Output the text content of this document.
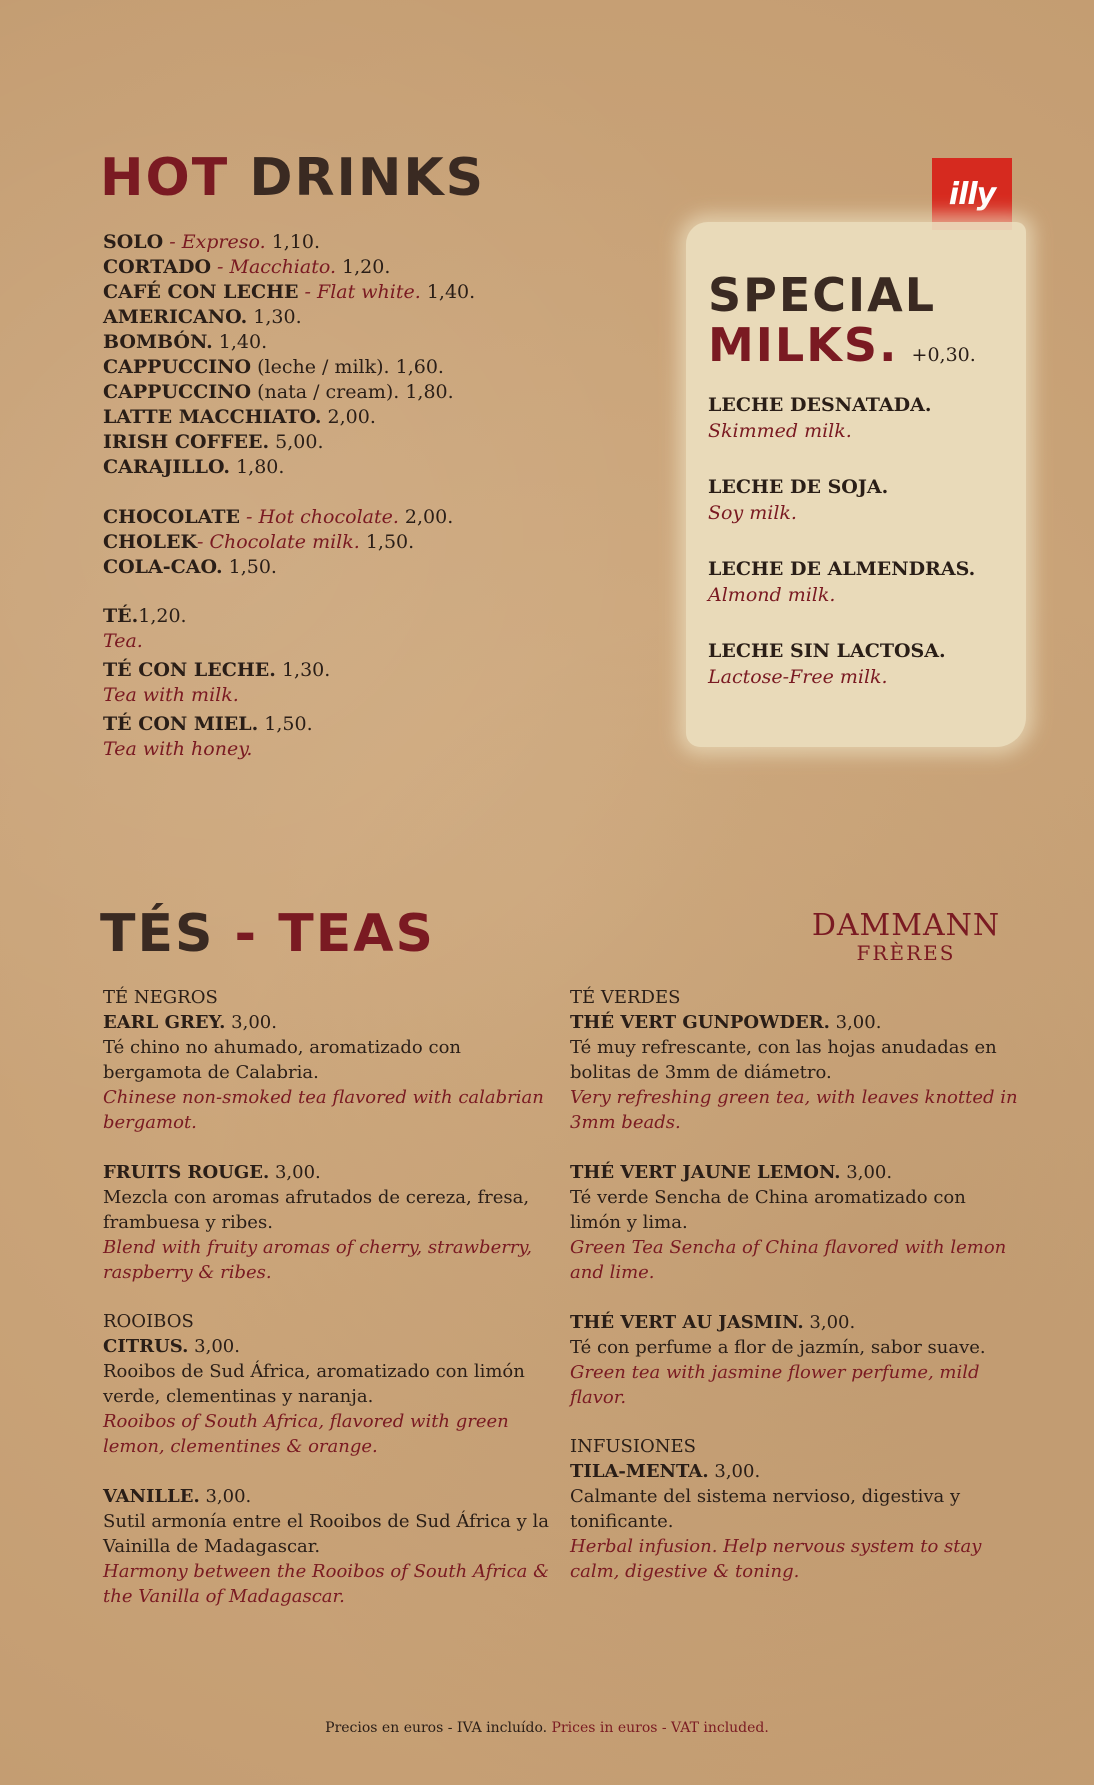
HOT DRINKS
SOLO - Expreso. 1,10.
CORTADO - Macchiato. 1,20.
CAFÉ CON LECHE - Flat white. 1,40.
AMERICANO. 1,30.
BOMBÓN. 1,40.
CAPPUCCINO (leche / milk). 1,60.
CAPPUCCINO (nata / cream). 1,80.
LATTE MACCHIATO. 2,00.
IRISH COFFEE. 5,00.
CARAJILLO. 1,80.
CHOCOLATE - Hot chocolate. 2,00.
CHOLEK- Chocolate milk. 1,50.
COLA-CAO. 1,50.
TÉ.1,20.
Tea.
TÉ CON LECHE. 1,30.
Tea with milk.
TÉ CON MIEL. 1,50.
Tea with honey.
illy
SPECIAL
MILKS. +0,30.
LECHE DESNATADA.
Skimmed milk.
LECHE DE SOJA.
Soy milk.
LECHE DE ALMENDRAS.
Almond milk.
LECHE SIN LACTOSA.
Lactose-Free milk.
TÉS - TEAS	DAMMANN
FRÈRES
TÉ NEGROS
EARL GREY. 3,00.
Té chino no ahumado, aromatizado con bergamota de Calabria.
Chinese non-smoked tea flavored with calabrian bergamot.
FRUITS ROUGE. 3,00.
Mezcla con aromas afrutados de cereza, fresa, frambuesa y ribes.
Blend with fruity aromas of cherry, strawberry, raspberry & ribes.
ROOIBOS
CITRUS. 3,00.
Rooibos de Sud África, aromatizado con limón verde, clementinas y naranja.
Rooibos of South Africa, flavored with green lemon, clementines & orange.
VANILLE. 3,00.
Sutil armonía entre el Rooibos de Sud África y la Vainilla de Madagascar.
Harmony between the Rooibos of South Africa & the Vanilla of Madagascar.
TÉ VERDES
THÉ VERT GUNPOWDER. 3,00.
Té muy refrescante, con las hojas anudadas en bolitas de 3mm de diámetro.
Very refreshing green tea, with leaves knotted in 3mm beads.
THÉ VERT JAUNE LEMON. 3,00.
Té verde Sencha de China aromatizado con limón y lima.
Green Tea Sencha of China flavored with lemon and lime.
THÉ VERT AU JASMIN. 3,00.
Té con perfume a flor de jazmín, sabor suave.
Green tea with jasmine flower perfume, mild flavor.
INFUSIONES
TILA-MENTA. 3,00.
Calmante del sistema nervioso, digestiva y tonificante.
Herbal infusion. Help nervous system to stay calm, digestive & toning.
Precios en euros - IVA incluído. Prices in euros - VAT included.
